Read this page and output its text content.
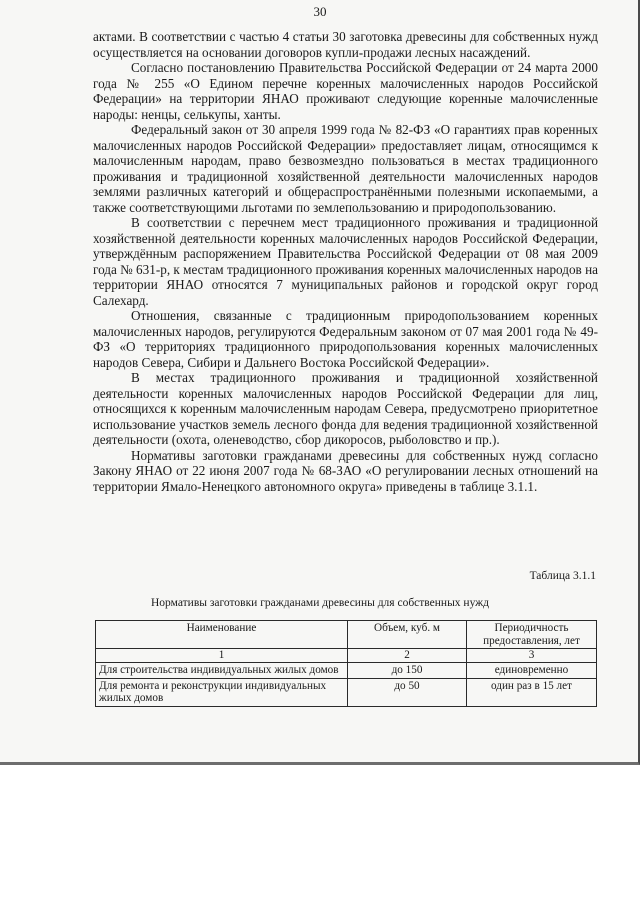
30

актами. В соответствии с частью 4 статьи 30 заготовка древесины для собственных нужд осуществляется на основании договоров купли-продажи лесных насаждений.

Согласно постановлению Правительства Российской Федерации от 24 марта 2000 года № 255 «О Едином перечне коренных малочисленных народов Российской Федерации» на территории ЯНАО проживают следующие коренные малочисленные народы: ненцы, селькупы, ханты.

Федеральный закон от 30 апреля 1999 года № 82-ФЗ «О гарантиях прав коренных малочисленных народов Российской Федерации» предоставляет лицам, относящимся к малочисленным народам, право безвозмездно пользоваться в местах традиционного проживания и традиционной хозяйственной деятельности малочисленных народов землями различных категорий и общераспространёнными полезными ископаемыми, а также соответствующими льготами по землепользованию и природопользованию.

В соответствии с перечнем мест традиционного проживания и традиционной хозяйственной деятельности коренных малочисленных народов Российской Федерации, утверждённым распоряжением Правительства Российской Федерации от 08 мая 2009 года № 631-р, к местам традиционного проживания коренных малочисленных народов на территории ЯНАО относятся 7 муниципальных районов и городской округ город Салехард.

Отношения, связанные с традиционным природопользованием коренных малочисленных народов, регулируются Федеральным законом от 07 мая 2001 года № 49-ФЗ «О территориях традиционного природопользования коренных малочисленных народов Севера, Сибири и Дальнего Востока Российской Федерации».

В местах традиционного проживания и традиционной хозяйственной деятельности коренных малочисленных народов Российской Федерации для лиц, относящихся к коренным малочисленным народам Севера, предусмотрено приоритетное использование участков земель лесного фонда для ведения традиционной хозяйственной деятельности (охота, оленеводство, сбор дикоросов, рыболовство и пр.).

Нормативы заготовки гражданами древесины для собственных нужд согласно Закону ЯНАО от 22 июня 2007 года № 68-ЗАО «О регулировании лесных отношений на территории Ямало-Ненецкого автономного округа» приведены в таблице 3.1.1.

Таблица 3.1.1
Нормативы заготовки гражданами древесины для собственных нужд
Наименование	Объем, куб. м	Периодичность предоставления, лет
1	2	3
Для строительства индивидуальных жилых домов	до 150	единовременно
Для ремонта и реконструкции индивидуальных жилых домов	до 50	один раз в 15 лет
